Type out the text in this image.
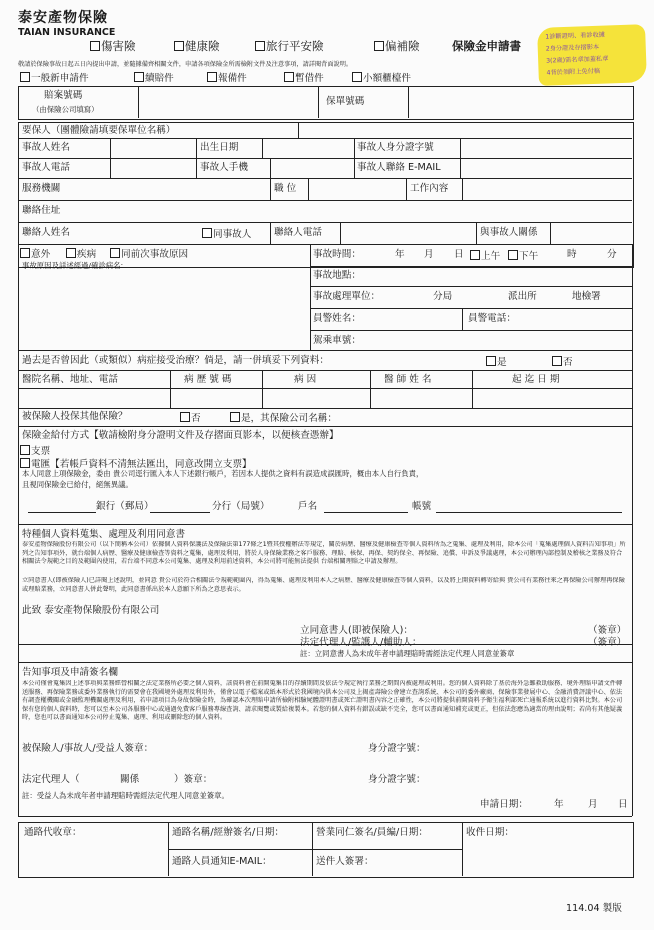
泰安產物保險
TAIAN INSURANCE
傷害險	健康險	旅行平安險	偏補險	保險金申請書
1診斷證明、看診收據
2身分證及存摺影本
3(2歲)需名章加蓋私章
4背於須附上免付稿
敬請於保險事故日起五日內提出申請，並隨據備齊相關文件，申請各項保險金所需檢附文件及注意事項，請詳閱背面說明。
一般新申請件	續賠件	報備件	暫借件	小額櫃檯件
賠案號碼
（由保險公司填寫）
保單號碼
要保人（團體險請填要保單位名稱）
事故人姓名	出生日期	事故人身分證字號
事故人電話	事故人手機	事故人聯絡 E-MAIL
服務機關	職 位	工作內容
聯絡住址
聯絡人姓名	同事故人 聯絡人電話	與事故人關係
意外	疾病	同前次事故原因
事故原因及詳述經過/確診病名:
事故時間：	年 月 日	上午	下午	時	分
事故地點：
事故處理單位：	分局	派出所	地檢署
員警姓名：	員警電話：
駕乘車號：
過去是否曾因此（或類似）病症接受治療？倘是，請一併填妥下列資料：	是	否
醫院名稱、地址、電話	病 歷 號 碼	病 因	醫 師 姓 名	起 迄 日 期
被保險人投保其他保險？	否	是，其保險公司名稱：
保險金給付方式【敬請檢附身分證明文件及存摺面頁影本，以便核查憑辦】
支票
電匯【若帳戶資料不清無法匯出，同意改開立支票】
本人同意上項保險金，委由 貴公司逕行匯入本人下述銀行帳戶，若因本人提供之資料有誤造成誤匯時，概由本人自行負責，
且視同保險金已給付，絕無異議。
銀行（郵局）	分行（局號）	戶名	帳號
特種個人資料蒐集、處理及利用同意書
泰安產物保險股份有限公司（以下簡稱本公司）依據個人資料保護法及保險法第177條之1暨其授權辦法等規定，關於病歷、醫療及健康檢查等個人資料所為之蒐集、處理及利用，除本公司「蒐集處理個人資料告知事項」所列之告知事項外，就台端個人病歷、醫療及健康檢查等資料之蒐集，處理及利用，將於人身保險業務之客戶服務、理賠、核保、再保、契約保全、再保險、追償、申訴及爭議處理，本公司辦理內部控制及稽核之業務及符合相關法令規範之目的及範圍內使用，若台端不同意本公司蒐集、處理及利用前述資料，本公司將可能無法提供 台端相關理賠之申請及辦理。
立同意書人(即被保險人)已詳閱上述說明，並同意 貴公司於符合相關法令規範範圍內，得為蒐集、處理及利用本人之病歷、醫療及健康檢查等個人資料，以及將上開資料轉寄給與 貴公司有業務往來之再保險公司辦理再保險或理賠業務，立同意書人併此聲明，此同意書係出於本人意願下所為之意思表示。
此致 泰安產物保險股份有限公司
立同意書人(即被保險人)：	（簽章）
法定代理人/監護人/輔助人：	（簽章）
註：立同意書人為未成年者申請理賠時需經法定代理人同意並簽章
告知事項及申請簽名欄
本公司僅會蒐集因上述事項與業務經營相關之法定業務所必要之個人資料，該資料會在前開蒐集目的存續期間及依法令規定執行業務之期間內被處理或利用。您的個人資料除了基於海外急難救助服務、境外理賠申請文件轉送服務、再保險業務或委外業務執行的需要會在我國境外處理及利用外，僅會以電子檔案或紙本形式於我國境內供本公司及上揭產壽險公會建立查詢系統、本公司的委外廠商、保險事業發展中心、金融消費評議中心、依法有調查權機關或金融監理機關處理及利用，若申請項目為身故保險金時，為確認本次理賠申請所檢附相驗屍體證明書或死亡證明書內容之正確性，本公司將提供前開資料予衛生福利部死亡通報系統以進行資料比對。本公司保有您的個人資料時，您可以至本公司各服務中心或通過免費客戶服務專線查詢、請求閱覽或製給複製本。若您的個人資料有錯誤或缺不完全，您可以書面通知補充或更正，但依法您應為適當的理由說明；若尚有其他疑義時，您也可以書面通知本公司停止蒐集、處理、利用或刪除您的個人資料。
被保險人/事故人/受益人簽章：	身分證字號：
法定代理人（	關係	）簽章：	身分證字號：
註：受益人為未成年者申請理賠時需經法定代理人同意並簽章。
申請日期：	年	月 日
通路代收章：	通路名稱/經辦簽名/日期：	營業同仁簽名/員編/日期：	收件日期：
通路人員通知E-MAIL：	送件人簽署：
114.04 製版
